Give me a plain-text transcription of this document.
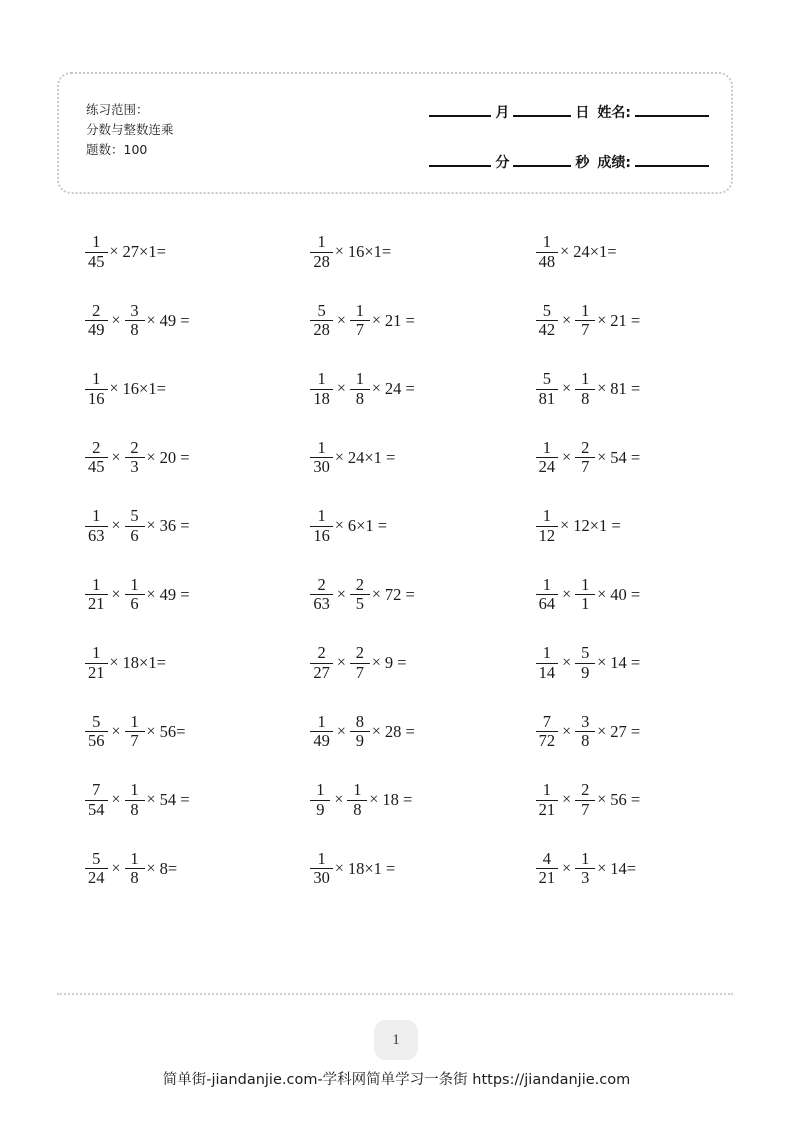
练习范围：
分数与整数连乘
题数：100
月	日 姓名:
分	秒 成绩:
$\frac{1}{45} \times 27\times 1=$	$\frac{1}{28} \times 16\times 1=$	$\frac{1}{48} \times 24\times 1=$
$\frac{2}{49} \times \frac{3}{8} \times 49$ =	$\frac{5}{28} \times \frac{1}{7} \times 21$ =	$\frac{5}{42} \times \frac{1}{7} \times 21$ =
$\frac{1}{16} \times 16\times 1=$	$\frac{1}{18} \times \frac{1}{8} \times 24$ =	$\frac{5}{81} \times \frac{1}{8} \times 81$ =
$\frac{2}{45} \times \frac{2}{3} \times 20$ =	$\frac{1}{30} \times 24\times 1$ =	$\frac{1}{24} \times \frac{2}{7} \times 54$ =
$\frac{1}{63} \times \frac{5}{6} \times 36$ =	$\frac{1}{16} \times 6\times 1$ =	$\frac{1}{12} \times 12\times 1$ =
$\frac{1}{21} \times \frac{1}{6} \times 49$ =	$\frac{2}{63} \times \frac{2}{5} \times 72$ =	$\frac{1}{64} \times \frac{1}{1} \times 40$ =
$\frac{1}{21} \times 18\times 1=$	$\frac{2}{27} \times \frac{2}{7} \times 9$ =	$\frac{1}{14} \times \frac{5}{9} \times 14$ =
$\frac{5}{56} \times \frac{1}{7} \times 56=$	$\frac{1}{49} \times \frac{8}{9} \times 28$ =	$\frac{7}{72} \times \frac{3}{8} \times 27$ =
$\frac{7}{54} \times \frac{1}{8} \times 54$ =	$\frac{1}{9} \times \frac{1}{8} \times 18$ =	$\frac{1}{21} \times \frac{2}{7} \times 56$ =
$\frac{5}{24} \times \frac{1}{8} \times 8=$	$\frac{1}{30} \times 18\times 1$ =	$\frac{4}{21} \times \frac{1}{3} \times 14=$
1
简单街-jiandanjie.com-学科网简单学习一条街 https://jiandanjie.com
